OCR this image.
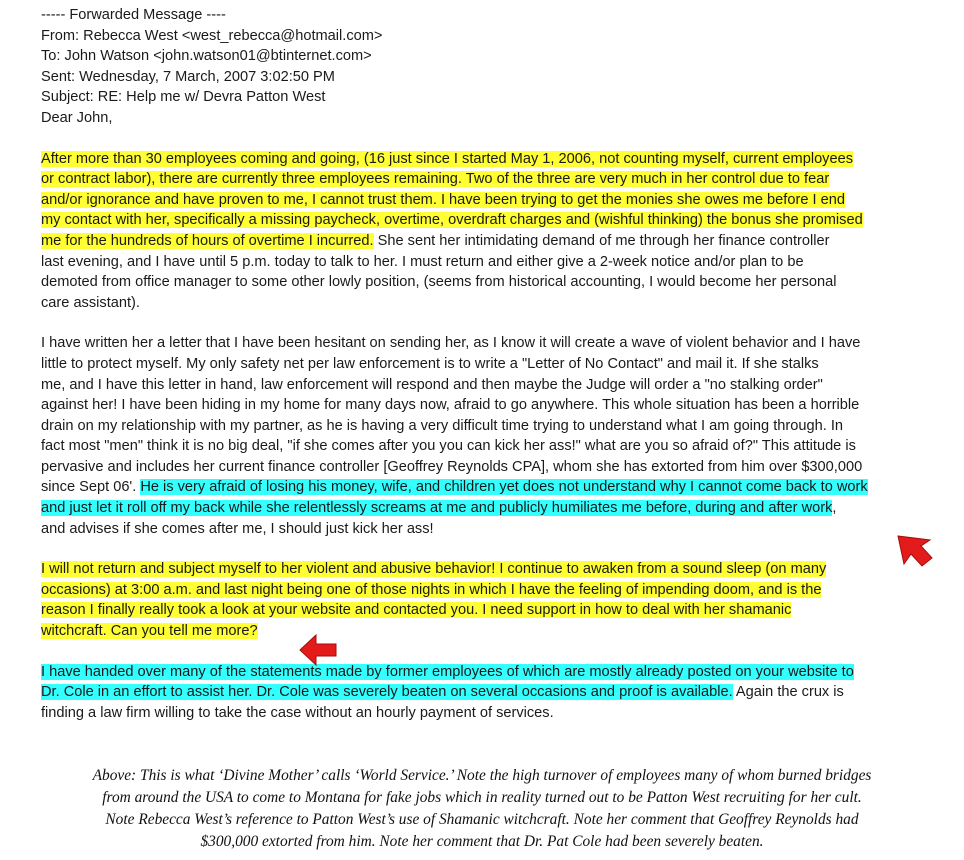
----- Forwarded Message ----
From: Rebecca West <west_rebecca@hotmail.com>
To: John Watson <john.watson01@btinternet.com>
Sent: Wednesday, 7 March, 2007 3:02:50 PM
Subject: RE: Help me w/ Devra Patton West
Dear John,
After more than 30 employees coming and going, (16 just since I started May 1, 2006, not counting myself, current employees
or contract labor), there are currently three employees remaining. Two of the three are very much in her control due to fear
and/or ignorance and have proven to me, I cannot trust them. I have been trying to get the monies she owes me before I end
my contact with her, specifically a missing paycheck, overtime, overdraft charges and (wishful thinking) the bonus she promised
me for the hundreds of hours of overtime I incurred. She sent her intimidating demand of me through her finance controller
last evening, and I have until 5 p.m. today to talk to her. I must return and either give a 2-week notice and/or plan to be
demoted from office manager to some other lowly position, (seems from historical accounting, I would become her personal
care assistant).
I have written her a letter that I have been hesitant on sending her, as I know it will create a wave of violent behavior and I have
little to protect myself. My only safety net per law enforcement is to write a "Letter of No Contact" and mail it. If she stalks
me, and I have this letter in hand, law enforcement will respond and then maybe the Judge will order a "no stalking order"
against her! I have been hiding in my home for many days now, afraid to go anywhere. This whole situation has been a horrible
drain on my relationship with my partner, as he is having a very difficult time trying to understand what I am going through. In
fact most "men" think it is no big deal, "if she comes after you you can kick her ass!" what are you so afraid of?" This attitude is
pervasive and includes her current finance controller [Geoffrey Reynolds CPA], whom she has extorted from him over $300,000
since Sept 06'. He is very afraid of losing his money, wife, and children yet does not understand why I cannot come back to work
and just let it roll off my back while she relentlessly screams at me and publicly humiliates me before, during and after work,
and advises if she comes after me, I should just kick her ass!
I will not return and subject myself to her violent and abusive behavior! I continue to awaken from a sound sleep (on many
occasions) at 3:00 a.m. and last night being one of those nights in which I have the feeling of impending doom, and is the
reason I finally really took a look at your website and contacted you. I need support in how to deal with her shamanic
witchcraft. Can you tell me more?
I have handed over many of the statements made by former employees of which are mostly already posted on your website to
Dr. Cole in an effort to assist her. Dr. Cole was severely beaten on several occasions and proof is available. Again the crux is
finding a law firm willing to take the case without an hourly payment of services.
Above: This is what ‘Divine Mother’ calls ‘World Service.’ Note the high turnover of employees many of whom burned bridges
from around the USA to come to Montana for fake jobs which in reality turned out to be Patton West recruiting for her cult.
Note Rebecca West’s reference to Patton West’s use of Shamanic witchcraft. Note her comment that Geoffrey Reynolds had
$300,000 extorted from him. Note her comment that Dr. Pat Cole had been severely beaten.
